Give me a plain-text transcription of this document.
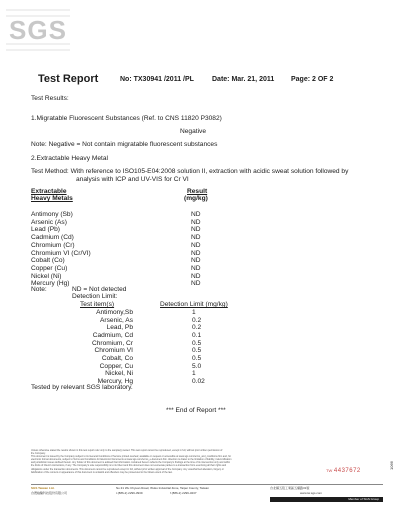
SGS
Test Report	No: TX30941 /2011 /PL	Date: Mar. 21, 2011 Page: 2 OF 2
Test Results:
1.Migratable Fluorescent Substances (Ref. to CNS 11820 P3082)
Negative
Note: Negative = Not contain migratable fluorescent substances
2.Extractable Heavy Metal
Test Method: With reference to ISO105-E04:2008 solution II, extraction with acidic sweat solution followed by
analysis with ICP and UV-VIS for Cr VI
Extractable
Heavy Metals
Result
(mg/kg)
Antimony (Sb)	ND
Arsenic (As)	ND
Lead (Pb)	ND
Cadmium (Cd)	ND
Chromium (Cr)	ND
Chromium VI (Cr/VI)	ND
Cobalt (Co)	ND
Copper (Cu)	ND
Nickel (Ni)	ND
Mercury (Hg)	ND
Note:	ND = Not detected
Detection Limit:
Test item(s)	Detection Limit (mg/kg)
Antimony,Sb	1
Arsenic, As	0.2
Lead, Pb	0.2
Cadmium, Cd	0.1
Chromium, Cr	0.5
Chromium VI	0.5
Cobalt, Co	0.5
Copper, Cu	5.0
Nickel, Ni	1
Mercury, Hg	0.02
Tested by relevant SGS laboratory.
*** End of Report ***
Unless otherwise stated the results shown in this test report refer only to the sample(s) tested. This test report cannot be reproduced, except in full, without prior written permission of
the Company.
This document is issued by the Company subject to its General Conditions of Service printed overleaf, available on request or accessible at www.sgs.com/terms_and_conditions.htm and, for
electronic format documents, subject to Terms and Conditions for Electronic Documents at www.sgs.com/terms_e-document.htm. Attention is drawn to the limitation of liability, indemnification
and jurisdiction issues defined therein. Any holder of this document is advised that information contained hereon reflects the Company's findings at the time of its intervention only and within
the limits of Client's instructions, if any. The Company's sole responsibility is to its Client and this document does not exonerate parties to a transaction from exercising all their rights and
obligations under the transaction documents. This document cannot be reproduced except in full, without prior written approval of the Company. Any unauthorized alteration, forgery or
falsification of the content or appearance of this document is unlawful and offenders may be prosecuted to the fullest extent of the law.	TW 4437672
SGS Taiwan Ltd.
台灣檢驗科技股份有限公司
No.31 Wu Chyuan Road, Wuku Industrial Zone, Taipei County, Taiwan
t (886-2) 2299-3939	f (886-2) 2299-3237
台北縣五股工業區五權路31號
www.tw.sgs.com
Member of SGS Group
1066
